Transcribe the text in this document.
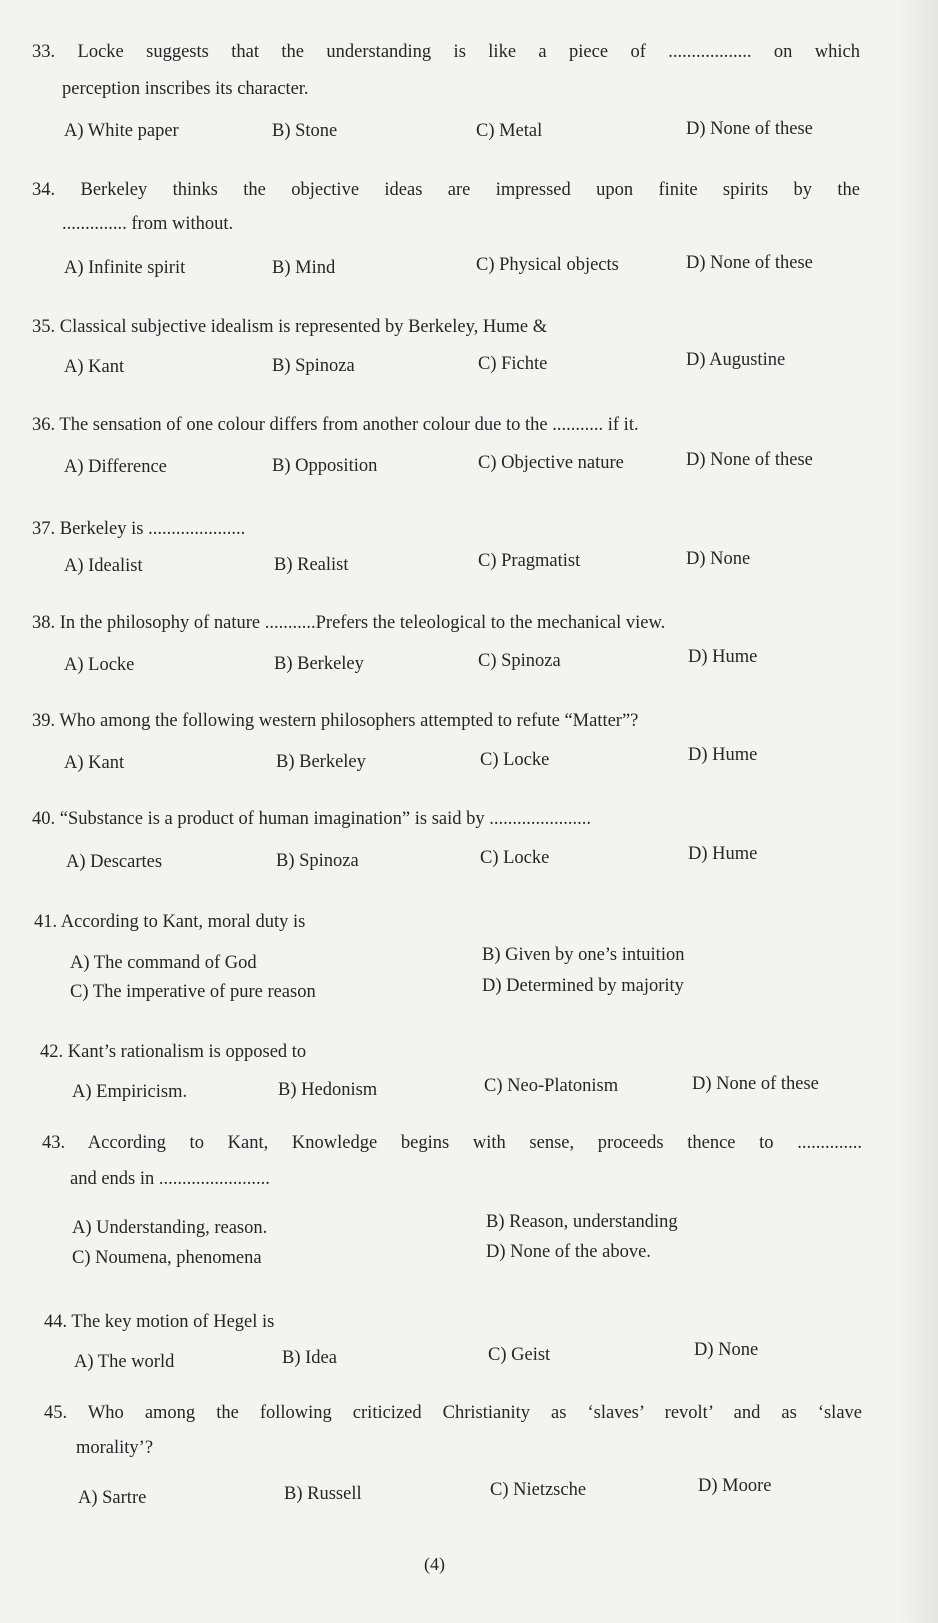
33. Locke suggests that the understanding is like a piece of .................. on which
perception inscribes its character.
A) White paper	B) Stone	C) Metal	D) None of these
34. Berkeley thinks the objective ideas are impressed upon finite spirits by the
.............. from without.
A) Infinite spirit	B) Mind	C) Physical objects	D) None of these
35. Classical subjective idealism is represented by Berkeley, Hume &
A) Kant	B) Spinoza	C) Fichte	D) Augustine
36. The sensation of one colour differs from another colour due to the ........... if it.
A) Difference	B) Opposition	C) Objective nature	D) None of these
37. Berkeley is .....................
A) Idealist	B) Realist	C) Pragmatist	D) None
38. In the philosophy of nature ...........Prefers the teleological to the mechanical view.
A) Locke	B) Berkeley	C) Spinoza	D) Hume
39. Who among the following western philosophers attempted to refute “Matter”?
A) Kant	B) Berkeley	C) Locke	D) Hume
40. “Substance is a product of human imagination” is said by ......................
A) Descartes	B) Spinoza	C) Locke	D) Hume
41. According to Kant, moral duty is
A) The command of God	B) Given by one’s intuition
C) The imperative of pure reason	D) Determined by majority
42. Kant’s rationalism is opposed to
A) Empiricism.	B) Hedonism	C) Neo-Platonism	D) None of these
43. According to Kant, Knowledge begins with sense, proceeds thence to ..............
and ends in ........................
A) Understanding, reason.	B) Reason, understanding
C) Noumena, phenomena	D) None of the above.
44. The key motion of Hegel is
A) The world	B) Idea	C) Geist	D) None
45. Who among the following criticized Christianity as ‘slaves’ revolt’ and as ‘slave
morality’?
A) Sartre	B) Russell	C) Nietzsche	D) Moore
(4)
